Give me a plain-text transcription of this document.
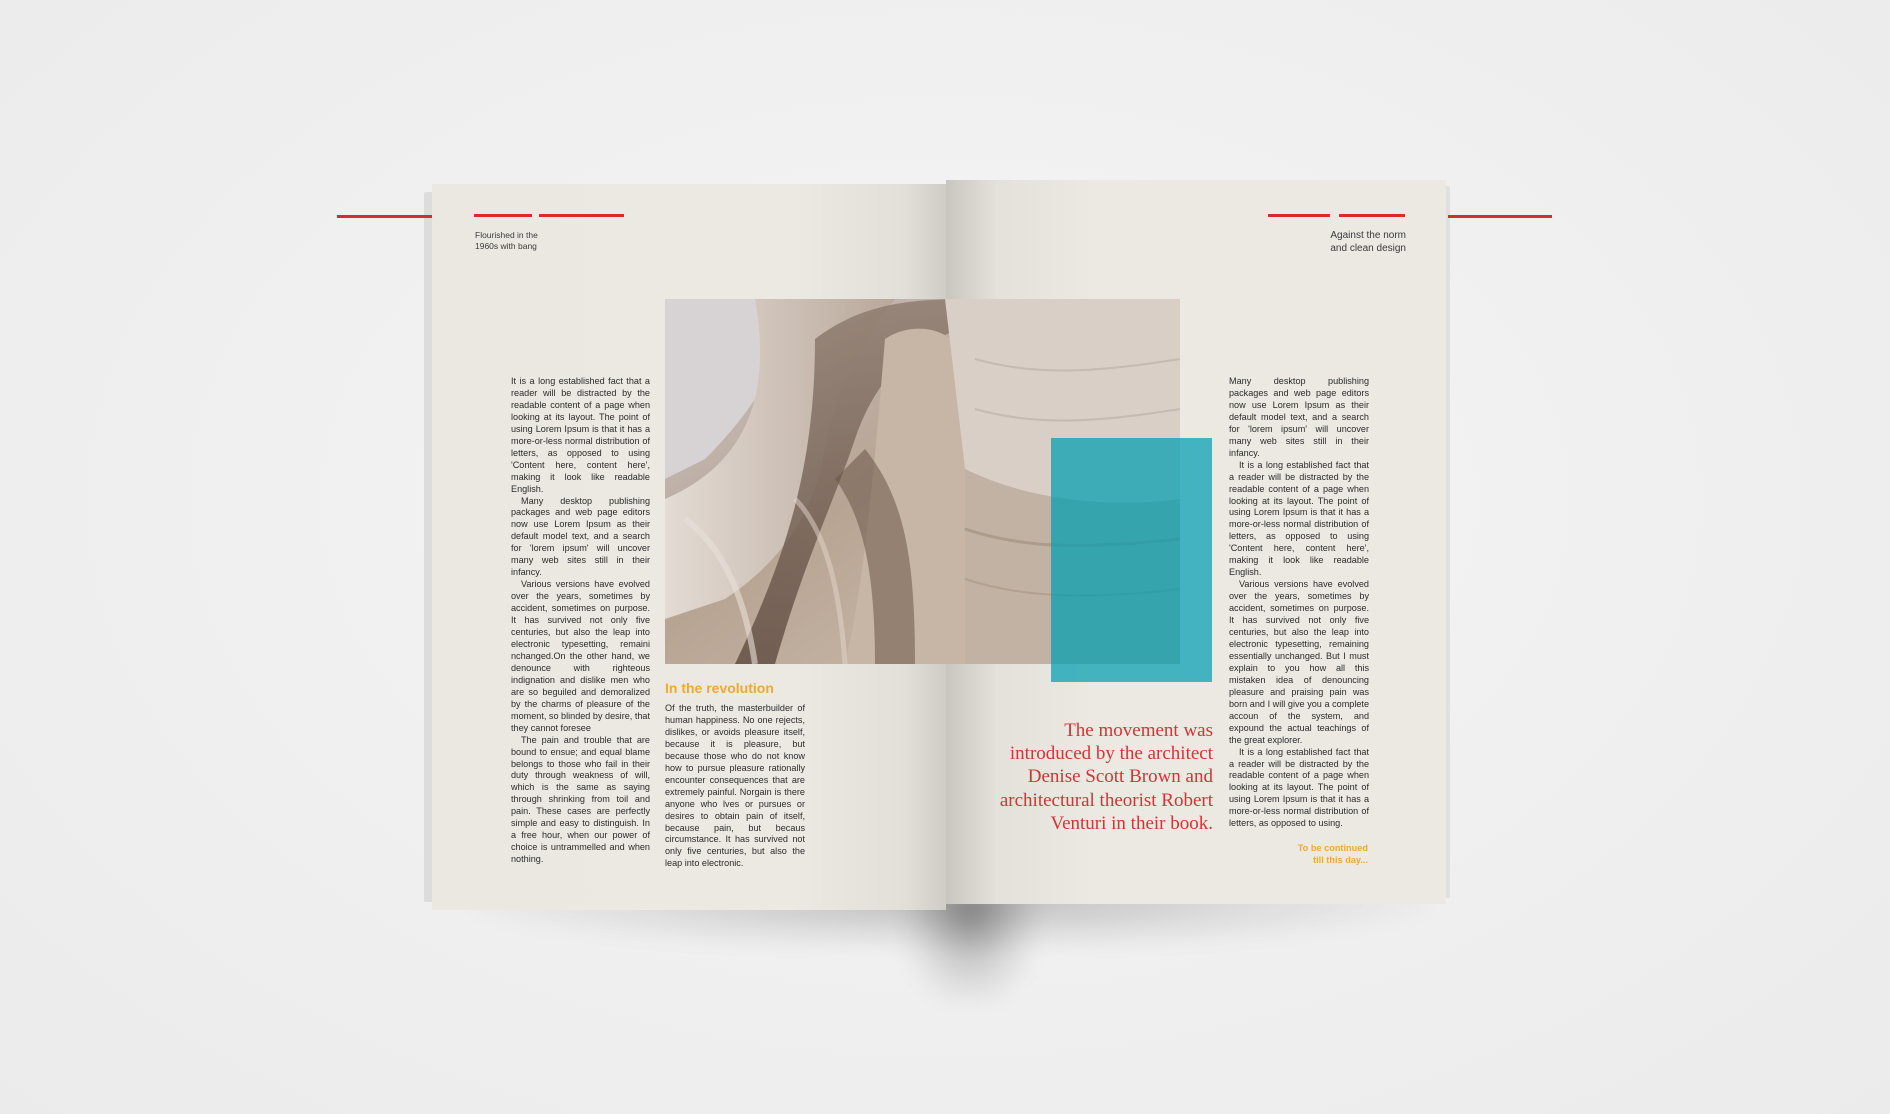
Flourished in the
1960s with bang
Against the norm
and clean design

It is a long established fact that a reader will be distracted by the readable content of a page when looking at its layout. The point of using Lorem Ipsum is that it has a more-or-less normal distribution of letters, as opposed to using 'Content here, content here', making it look like readable English.

Many desktop publishing packages and web page editors now use Lorem Ipsum as their default model text, and a search for 'lorem ipsum' will uncover many web sites still in their infancy.

Various versions have evolved over the years, sometimes by accident, sometimes on purpose. It has survived not only five centuries, but also the leap into electronic typesetting, remaini nchanged.On the other hand, we denounce with righteous indignation and dislike men who are so beguiled and demoralized by the charms of pleasure of the moment, so blinded by desire, that they cannot foresee

The pain and trouble that are bound to ensue; and equal blame belongs to those who fail in their duty through weakness of will, which is the same as saying through shrinking from toil and pain. These cases are perfectly simple and easy to distinguish. In a free hour, when our power of choice is untrammelled and when nothing.

In the revolution

Of the truth, the masterbuilder of human happiness. No one rejects, dislikes, or avoids pleasure itself, because it is pleasure, but because those who do not know how to pursue pleasure rationally encounter consequences that are extremely painful. Norgain is there anyone who lves or pursues or desires to obtain pain of itself, because pain, but becaus circumstance. It has survived not only five centuries, but also the leap into electronic.

The movement was introduced by the architect Denise Scott Brown and architectural theorist Robert Venturi in their book.

Many desktop publishing packages and web page editors now use Lorem Ipsum as their default model text, and a search for 'lorem ipsum' will uncover many web sites still in their infancy.

It is a long established fact that a reader will be distracted by the readable content of a page when looking at its layout. The point of using Lorem Ipsum is that it has a more-or-less normal distribution of letters, as opposed to using 'Content here, content here', making it look like readable English.

Various versions have evolved over the years, sometimes by accident, sometimes on purpose. It has survived not only five centuries, but also the leap into electronic typesetting, remaining essentially unchanged. But I must explain to you how all this mistaken idea of denouncing pleasure and praising pain was born and I will give you a complete accoun of the system, and expound the actual teachings of the great explorer.

It is a long established fact that a reader will be distracted by the readable content of a page when looking at its layout. The point of using Lorem Ipsum is that it has a more-or-less normal distribution of letters, as opposed to using.

To be continued
till this day...
